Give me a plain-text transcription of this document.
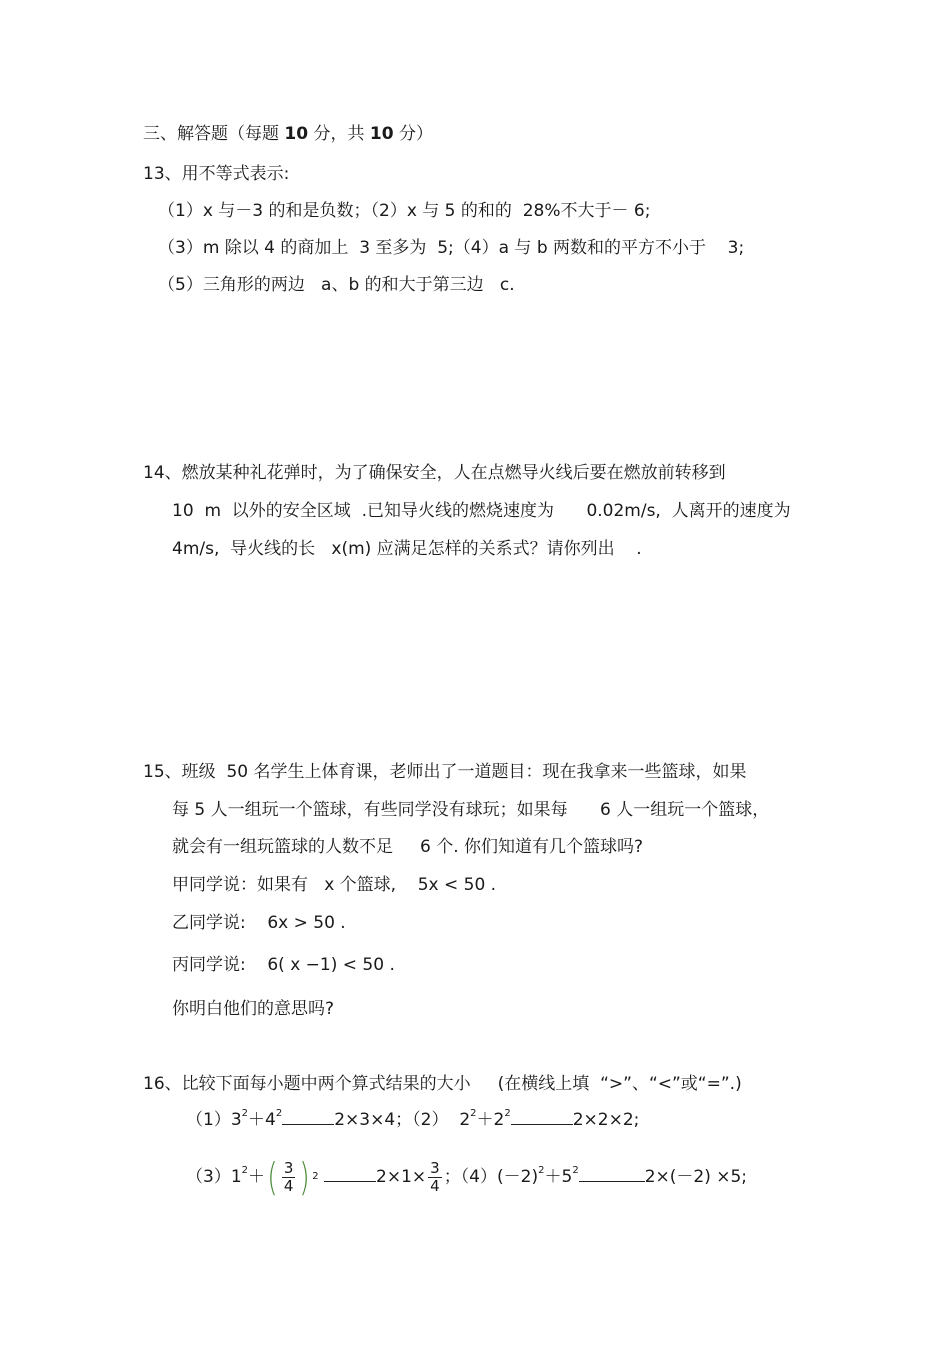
三、解答题（每题 10 分，共 10 分）
13、用不等式表示:
（1）x 与－3 的和是负数；（2）x 与 5 的和的  28%不大于－ 6;
（3）m 除以 4 的商加上  3 至多为  5;（4）a 与 b 两数和的平方不小于    3;
（5）三角形的两边   a、b 的和大于第三边   c.
14、燃放某种礼花弹时，为了确保安全，人在点燃导火线后要在燃放前转移到
10  m  以外的安全区域  .已知导火线的燃烧速度为      0.02m/s,  人离开的速度为
4m/s,  导火线的长   x(m) 应满足怎样的关系式？请你列出    .
15、班级  50 名学生上体育课，老师出了一道题目：现在我拿来一些篮球，如果
每 5 人一组玩一个篮球，有些同学没有球玩；如果每      6 人一组玩一个篮球，
就会有一组玩篮球的人数不足     6 个. 你们知道有几个篮球吗?
甲同学说：如果有   x 个篮球,    5x < 50 .
乙同学说:    6x > 50 .
丙同学说:    6( x −1) < 50 .
你明白他们的意思吗?
16、比较下面每小题中两个算式结果的大小     (在横线上填  “>”、“<”或“=”.)
$(1)3^2+4^2$	2×3×4；（2） $2^2+2^2$	2×2×2;
$(3)1^2+$ ( $\frac{3}{4}$ ) 2	$2\times 1\times \frac{3}{4}$ ；$(4)(-2)^2+5^2$	2×(－2) ×5;
